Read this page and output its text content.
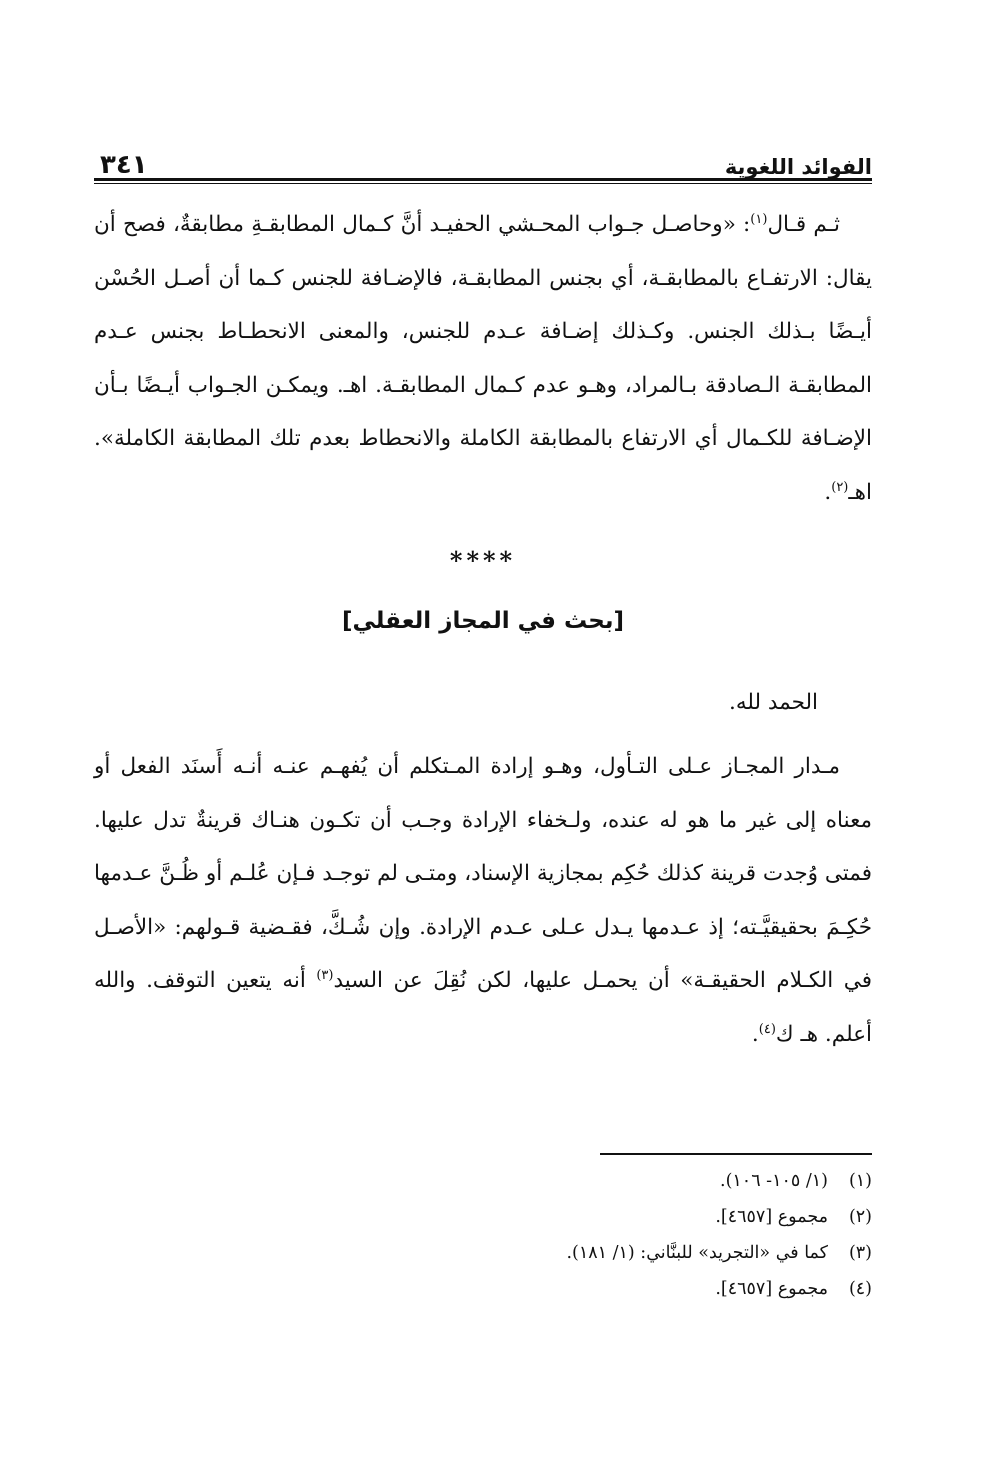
الفوائد اللغوية
٣٤١

ثـم قـال$^{(١)}$: «وحاصـل جـواب المحـشي الحفيـد أنَّ كـمال المطابقـةِ مطابقةٌ، فصح أن يقال: الارتفـاع بالمطابقـة، أي بجنس المطابقـة، فالإضـافة للجنس كـما أن أصـل الحُسْن أيـضًا بـذلك الجنس. وكـذلك إضـافة عـدم للجنس، والمعنى الانحطـاط بجنس عـدم المطابقـة الـصادقة بـالمراد، وهـو عدم كـمال المطابقـة. اهـ. ويمكـن الجـواب أيـضًا بـأن الإضـافة للكـمال أي الارتفاع بالمطابقة الكاملة والانحطاط بعدم تلك المطابقة الكاملة». اهـ$^{(٢)}$.

****
[بحث في المجاز العقلي]
الحمد لله.

مـدار المجـاز عـلى التـأول، وهـو إرادة المـتكلم أن يُفهـم عنـه أنـه أَسنَد الفعل أو معناه إلى غير ما هو له عنده، ولـخفاء الإرادة وجـب أن تكـون هنـاك قرينةٌ تدل عليها. فمتى وُجدت قرينة كذلك حُكِم بمجازية الإسناد، ومتـى لم توجـد فـإن عُلـم أو ظُـنَّ عـدمها حُكِـمَ بحقيقيَّـته؛ إذ عـدمها يـدل عـلى عـدم الإرادة. وإن شُـكَّ، فقـضية قـولهم: «الأصـل في الكـلام الحقيقـة» أن يحمـل عليها، لكن نُقِلَ عن السيد$^{(٣)}$ أنه يتعين التوقف. والله أعلم. هـ ك$^{(٤)}$.

(١)
(١/ ١٠٥- ١٠٦).
(٢)
مجموع [٤٦٥٧].
(٣)
كما في «التجريد» للبنَّاني: (١/ ١٨١).
(٤)
مجموع [٤٦٥٧].
